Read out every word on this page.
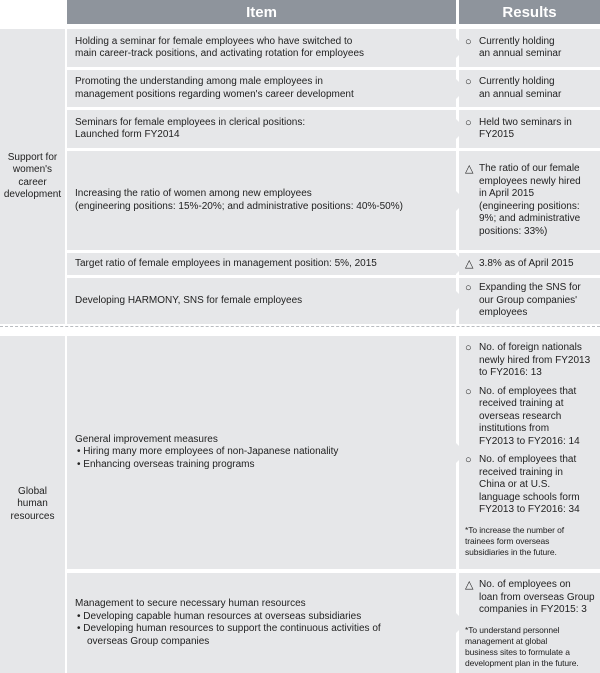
Item	Results
Support for
women's
career
development
Holding a seminar for female employees who have switched to
main career-track positions, and activating rotation for employees
○ Currently holding
an annual seminar
Promoting the understanding among male employees in
management positions regarding women's career development
○ Currently holding
an annual seminar
Seminars for female employees in clerical positions:
Launched form FY2014
○ Held two seminars in
FY2015
Increasing the ratio of women among new employees
(engineering positions: 15%-20%; and administrative positions: 40%-50%)
△ The ratio of our female
employees newly hired
in April 2015
(engineering positions:
9%; and administrative
positions: 33%)
Target ratio of female employees in management position: 5%, 2015	△ 3.8% as of April 2015
Developing HARMONY, SNS for female employees
○ Expanding the SNS for
our Group companies'
employees
Global
human
resources
General improvement measures
• Hiring many more employees of non-Japanese nationality
• Enhancing overseas training programs
○ No. of foreign nationals
newly hired from FY2013
to FY2016: 13
○ No. of employees that
received training at
overseas research
institutions from
FY2013 to FY2016: 14
○ No. of employees that
received training in
China or at U.S.
language schools form
FY2013 to FY2016: 34
*To increase the number of
trainees form overseas
subsidiaries in the future.
Management to secure necessary human resources
• Developing capable human resources at overseas subsidiaries
• Developing human resources to support the continuous activities of
overseas Group companies
△ No. of employees on
loan from overseas Group
companies in FY2015: 3
*To understand personnel
management at global
business sites to formulate a
development plan in the future.
